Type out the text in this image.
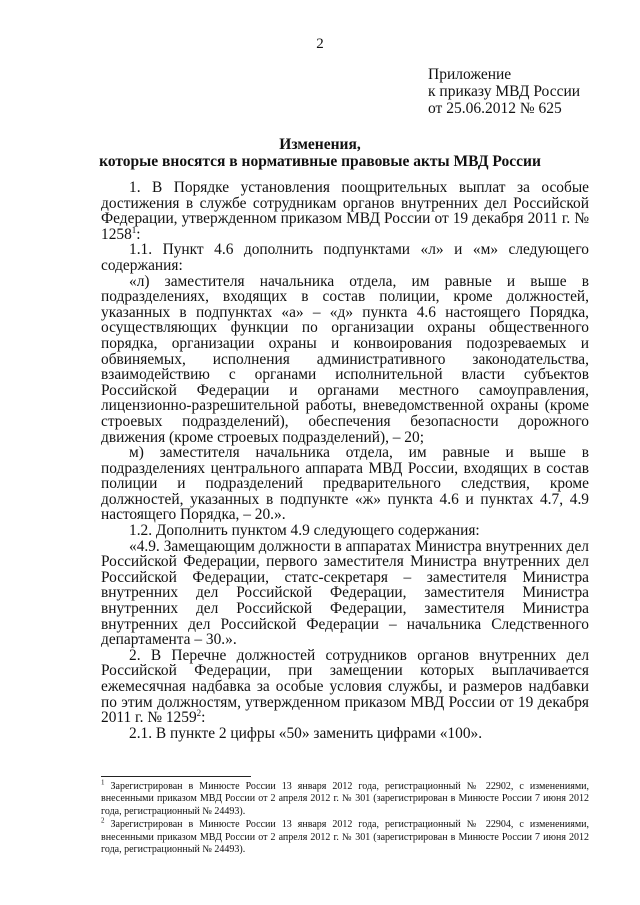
2
Приложение
к приказу МВД России
от 25.06.2012 № 625
Изменения,
которые вносятся в нормативные правовые акты МВД России

1. В Порядке установления поощрительных выплат за особые достижения в службе сотрудникам органов внутренних дел Российской Федерации, утвержденном приказом МВД России от 19 декабря 2011 г. № 1258$^1$:

1.1. Пункт 4.6 дополнить подпунктами «л» и «м» следующего содержания:

«л) заместителя начальника отдела, им равные и выше в подразделениях, входящих в состав полиции, кроме должностей, указанных в подпунктах «а» – «д» пункта 4.6 настоящего Порядка, осуществляющих функции по организации охраны общественного порядка, организации охраны и конвоирования подозреваемых и обвиняемых, исполнения административного законодательства, взаимодействию с органами исполнительной власти субъектов Российской Федерации и органами местного самоуправления, лицензионно-разрешительной работы, вневедомственной охраны (кроме строевых подразделений), обеспечения безопасности дорожного движения (кроме строевых подразделений), – 20;

м) заместителя начальника отдела, им равные и выше в подразделениях центрального аппарата МВД России, входящих в состав полиции и подразделений предварительного следствия, кроме должностей, указанных в подпункте «ж» пункта 4.6 и пунктах 4.7, 4.9 настоящего Порядка, – 20.».

1.2. Дополнить пунктом 4.9 следующего содержания:

«4.9. Замещающим должности в аппаратах Министра внутренних дел Российской Федерации, первого заместителя Министра внутренних дел Российской Федерации, статс-секретаря – заместителя Министра внутренних дел Российской Федерации, заместителя Министра внутренних дел Российской Федерации, заместителя Министра внутренних дел Российской Федерации – начальника Следственного департамента – 30.».

2. В Перечне должностей сотрудников органов внутренних дел Российской Федерации, при замещении которых выплачивается ежемесячная надбавка за особые условия службы, и размеров надбавки по этим должностям, утвержденном приказом МВД России от 19 декабря 2011 г. № 1259$^2$:

2.1. В пункте 2 цифры «50» заменить цифрами «100».

$^1$ Зарегистрирован в Минюсте России 13 января 2012 года, регистрационный № 22902, с изменениями, внесенными приказом МВД России от 2 апреля 2012 г. № 301 (зарегистрирован в Минюсте России 7 июня 2012 года, регистрационный № 24493).

$^2$ Зарегистрирован в Минюсте России 13 января 2012 года, регистрационный № 22904, с изменениями, внесенными приказом МВД России от 2 апреля 2012 г. № 301 (зарегистрирован в Минюсте России 7 июня 2012 года, регистрационный № 24493).
